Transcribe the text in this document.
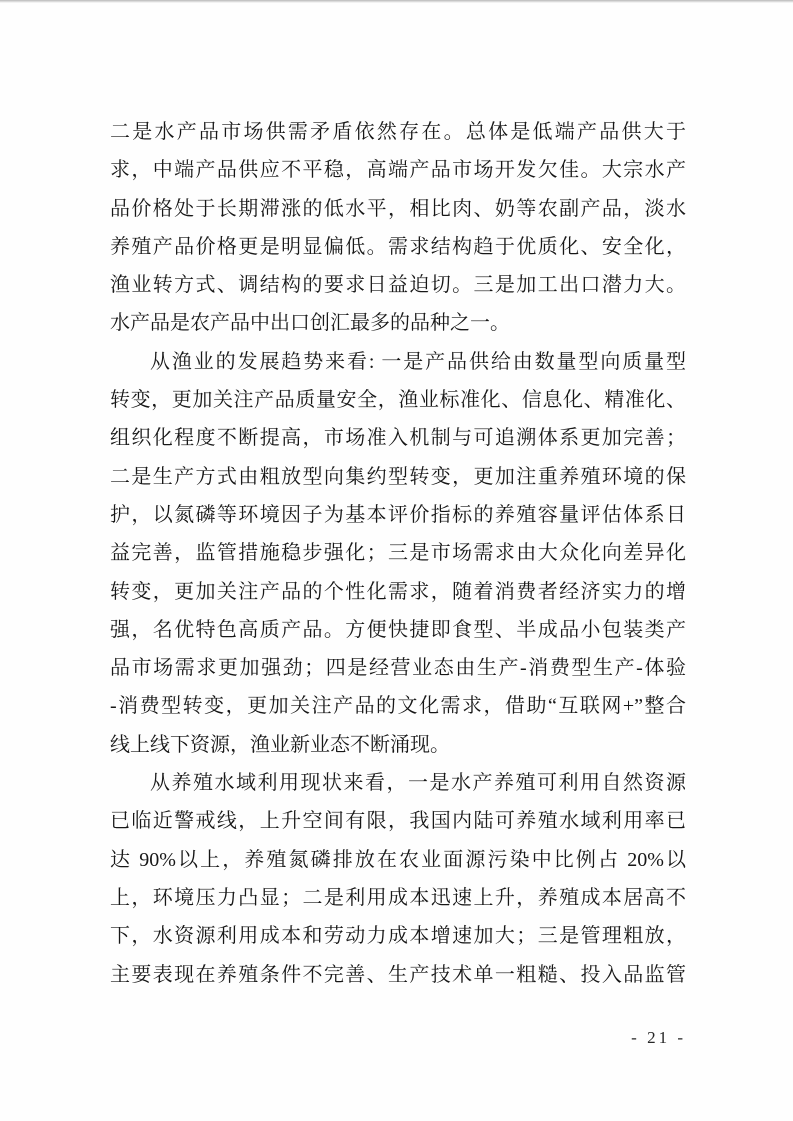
二是水产品市场供需矛盾依然存在。总体是低端产品供大于
求，中端产品供应不平稳，高端产品市场开发欠佳。大宗水产
品价格处于长期滞涨的低水平，相比肉、奶等农副产品，淡水
养殖产品价格更是明显偏低。需求结构趋于优质化、安全化，
渔业转方式、调结构的要求日益迫切。三是加工出口潜力大。
水产品是农产品中出口创汇最多的品种之一。
从渔业的发展趋势来看: 一是产品供给由数量型向质量型
转变，更加关注产品质量安全，渔业标准化、信息化、精准化、
组织化程度不断提高，市场准入机制与可追溯体系更加完善；
二是生产方式由粗放型向集约型转变，更加注重养殖环境的保
护，以氮磷等环境因子为基本评价指标的养殖容量评估体系日
益完善，监管措施稳步强化；三是市场需求由大众化向差异化
转变，更加关注产品的个性化需求，随着消费者经济实力的增
强，名优特色高质产品。方便快捷即食型、半成品小包装类产
品市场需求更加强劲；四是经营业态由生产-消费型生产-体验
-消费型转变，更加关注产品的文化需求，借助“互联网+”整合
线上线下资源，渔业新业态不断涌现。
从养殖水域利用现状来看，一是水产养殖可利用自然资源
已临近警戒线，上升空间有限，我国内陆可养殖水域利用率已
达 90%以上，养殖氮磷排放在农业面源污染中比例占 20%以
上，环境压力凸显；二是利用成本迅速上升，养殖成本居高不
下，水资源利用成本和劳动力成本增速加大；三是管理粗放，
主要表现在养殖条件不完善、生产技术单一粗糙、投入品监管
- 21 -
